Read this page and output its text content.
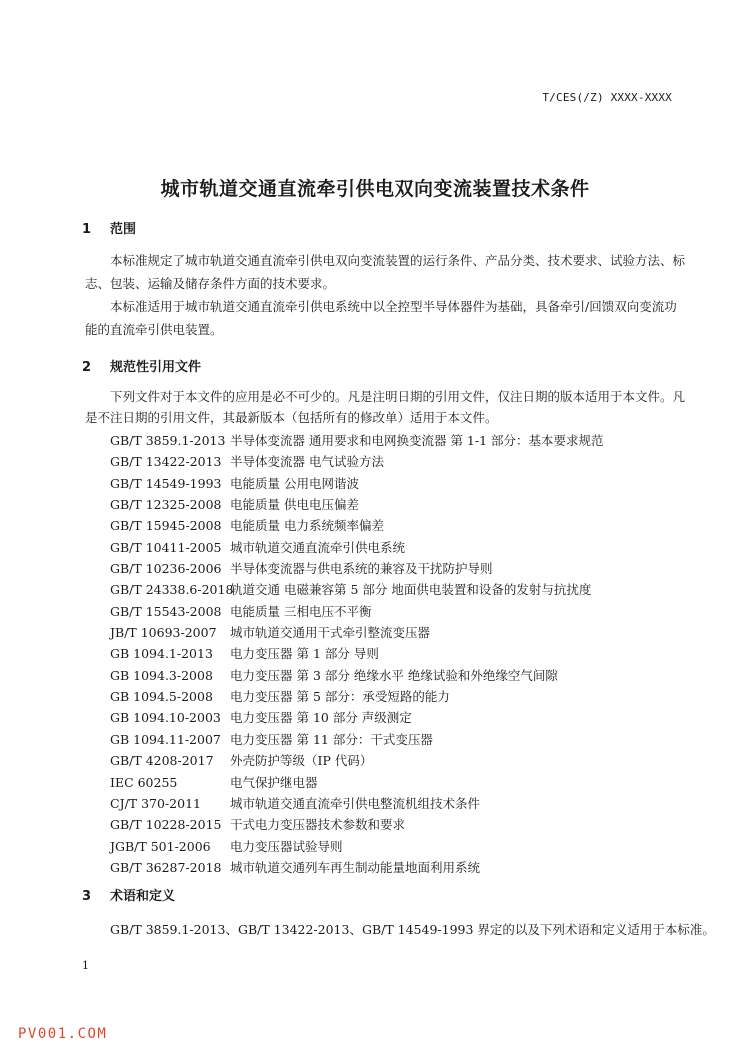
T/CES(/Z) XXXX-XXXX
城市轨道交通直流牵引供电双向变流装置技术条件
1 范围

本标准规定了城市轨道交通直流牵引供电双向变流装置的运行条件、产品分类、技术要求、试验方法、标志、包装、运输及储存条件方面的技术要求。

本标准适用于城市轨道交通直流牵引供电系统中以全控型半导体器件为基础，具备牵引/回馈双向变流功能的直流牵引供电装置。

2 规范性引用文件

下列文件对于本文件的应用是必不可少的。凡是注明日期的引用文件，仅注日期的版本适用于本文件。凡是不注日期的引用文件，其最新版本（包括所有的修改单）适用于本文件。

GB/T 3859.1-2013 半导体变流器 通用要求和电网换变流器 第 1-1 部分：基本要求规范
GB/T 13422-2013 半导体变流器 电气试验方法
GB/T 14549-1993 电能质量 公用电网谐波
GB/T 12325-2008 电能质量 供电电压偏差
GB/T 15945-2008 电能质量 电力系统频率偏差
GB/T 10411-2005 城市轨道交通直流牵引供电系统
GB/T 10236-2006 半导体变流器与供电系统的兼容及干扰防护导则
GB/T 24338.6-2018轨道交通 电磁兼容第 5 部分 地面供电装置和设备的发射与抗扰度
GB/T 15543-2008 电能质量 三相电压不平衡
JB/T 10693-2007 城市轨道交通用干式牵引整流变压器
GB 1094.1-2013 电力变压器 第 1 部分 导则
GB 1094.3-2008 电力变压器 第 3 部分 绝缘水平 绝缘试验和外绝缘空气间隙
GB 1094.5-2008 电力变压器 第 5 部分：承受短路的能力
GB 1094.10-2003 电力变压器 第 10 部分 声级测定
GB 1094.11-2007 电力变压器 第 11 部分：干式变压器
GB/T 4208-2017 外壳防护等级（IP 代码）
IEC 60255	电气保护继电器
CJ/T 370-2011 城市轨道交通直流牵引供电整流机组技术条件
GB/T 10228-2015 干式电力变压器技术参数和要求
JGB/T 501-2006 电力变压器试验导则
GB/T 36287-2018 城市轨道交通列车再生制动能量地面利用系统
3 术语和定义
GB/T 3859.1-2013、GB/T 13422-2013、GB/T 14549-1993 界定的以及下列术语和定义适用于本标准。
1
PV001.COM
